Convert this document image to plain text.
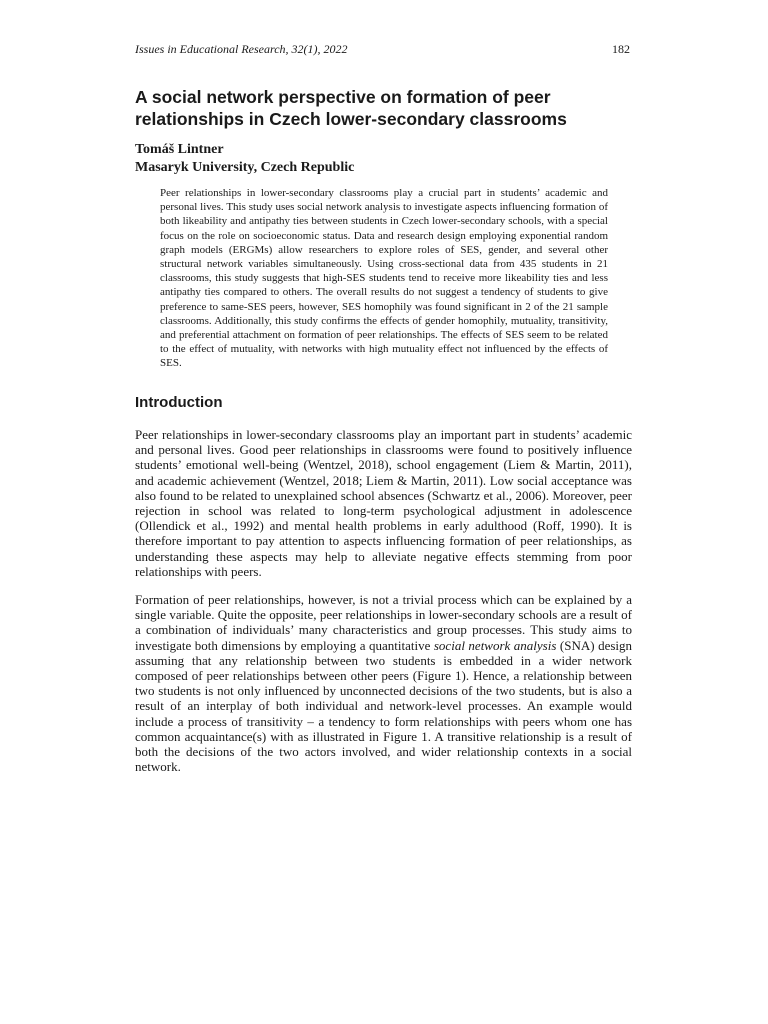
Issues in Educational Research, 32(1), 2022	182
A social network perspective on formation of peer relationships in Czech lower-secondary classrooms
Tomáš Lintner
Masaryk University, Czech Republic

Peer relationships in lower-secondary classrooms play a crucial part in students’ academic and personal lives. This study uses social network analysis to investigate aspects influencing formation of both likeability and antipathy ties between students in Czech lower-secondary schools, with a special focus on the role on socioeconomic status. Data and research design employing exponential random graph models (ERGMs) allow researchers to explore roles of SES, gender, and several other structural network variables simultaneously. Using cross-sectional data from 435 students in 21 classrooms, this study suggests that high-SES students tend to receive more likeability ties and less antipathy ties compared to others. The overall results do not suggest a tendency of students to give preference to same-SES peers, however, SES homophily was found significant in 2 of the 21 sample classrooms. Additionally, this study confirms the effects of gender homophily, mutuality, transitivity, and preferential attachment on formation of peer relationships. The effects of SES seem to be related to the effect of mutuality, with networks with high mutuality effect not influenced by the effects of SES.

Introduction

Peer relationships in lower-secondary classrooms play an important part in students’ academic and personal lives. Good peer relationships in classrooms were found to positively influence students’ emotional well-being (Wentzel, 2018), school engagement (Liem & Martin, 2011), and academic achievement (Wentzel, 2018; Liem & Martin, 2011). Low social acceptance was also found to be related to unexplained school absences (Schwartz et al., 2006). Moreover, peer rejection in school was related to long-term psychological adjustment in adolescence (Ollendick et al., 1992) and mental health problems in early adulthood (Roff, 1990). It is therefore important to pay attention to aspects influencing formation of peer relationships, as understanding these aspects may help to alleviate negative effects stemming from poor relationships with peers.

Formation of peer relationships, however, is not a trivial process which can be explained by a single variable. Quite the opposite, peer relationships in lower-secondary schools are a result of a combination of individuals’ many characteristics and group processes. This study aims to investigate both dimensions by employing a quantitative social network analysis (SNA) design assuming that any relationship between two students is embedded in a wider network composed of peer relationships between other peers (Figure 1). Hence, a relationship between two students is not only influenced by unconnected decisions of the two students, but is also a result of an interplay of both individual and network-level processes. An example would include a process of transitivity – a tendency to form relationships with peers whom one has common acquaintance(s) with as illustrated in Figure 1. A transitive relationship is a result of both the decisions of the two actors involved, and wider relationship contexts in a social network.
